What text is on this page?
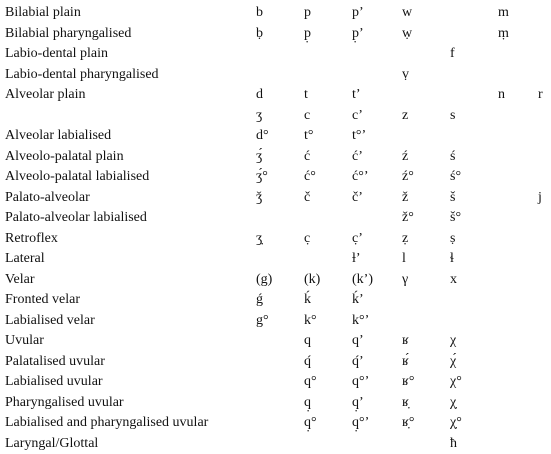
Bilabial plain	b	p	p’	w		m	
Bilabial pharyngalised	ḅ	p̣	p̣’	ẉ		ṃ	
Labio-dental plain					f		
Labio-dental pharyngalised				ṿ			
Alveolar plain	d	t	t’			n	r
	ʒ	c	c’	z	s		
Alveolar labialised	d°	t°	t°’				
Alveolo-palatal plain	ʒ́	ć	ć’	ź	ś		
Alveolo-palatal labialised	ʒ́°	ć°	ć°’	ź°	ś°		
Palato-alveolar	ǯ	č	č’	ž	š		j
Palato-alveolar labialised				ž°	š°		
Retroflex	ʒ̣	c̣	c̣’	ẓ	ṣ		
Lateral			ƚ’	l	ɬ		
Velar	(g)	(k)	(k’)	γ	x		
Fronted velar	ǵ	ḱ	ḱ’				
Labialised velar	g°	k°	k°’				
Uvular		q	q’	ʁ	χ		
Palatalised uvular		q́	q́’	ʁ́	χ́		
Labialised uvular		q°	q°’	ʁ°	χ°		
Pharyngalised uvular		q̣	q̣’	ʁ̣	χ̣		
Labialised and pharyngalised uvular		q̣°	q̣°’	ʁ̣°	χ̣°		
Laryngal/Glottal					ħ		
